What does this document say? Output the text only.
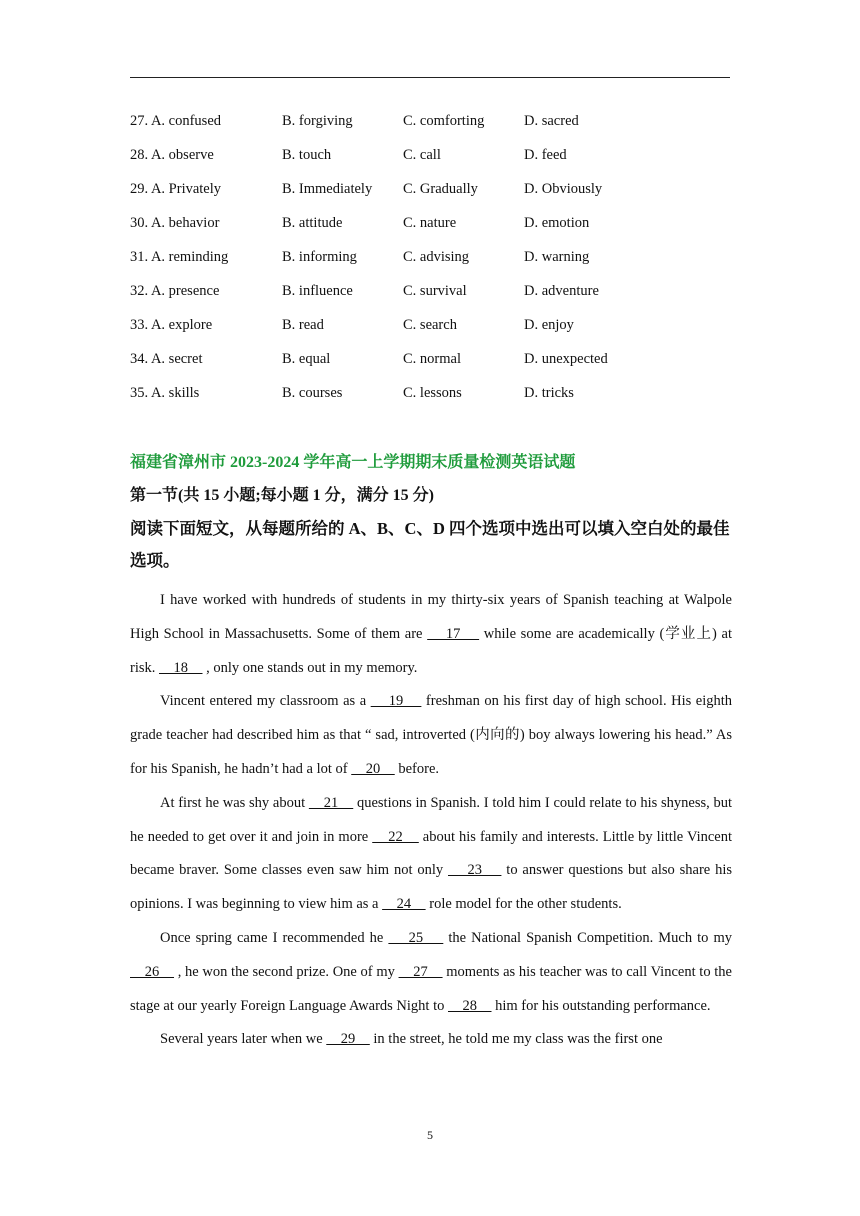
27. A. confused	B. forgiving	C. comforting	D. sacred
28. A. observe	B. touch	C. call	D. feed
29. A. Privately	B. Immediately C. Gradually	D. Obviously
30. A. behavior	B. attitude	C. nature	D. emotion
31. A. reminding	B. informing	C. advising	D. warning
32. A. presence	B. influence	C. survival	D. adventure
33. A. explore	B. read	C. search	D. enjoy
34. A. secret	B. equal	C. normal	D. unexpected
35. A. skills	B. courses	C. lessons	D. tricks
福建省漳州市 2023-2024 学年高一上学期期末质量检测英语试题
第一节(共 15 小题;每小题 1 分，满分 15 分)
阅读下面短文，从每题所给的 A、B、C、D 四个选项中选出可以填入空白处的最佳选项。

I have worked with hundreds of students in my thirty-six years of Spanish teaching at Walpole High School in Massachusetts. Some of them are     17     while some are academically (学业上) at risk.     18     , only one stands out in my memory.

Vincent entered my classroom as a     19     freshman on his first day of high school. His eighth grade teacher had described him as that “ sad, introverted (内向的) boy always lowering his head.” As for his Spanish, he hadn’t had a lot of     20     before.

At first he was shy about     21     questions in Spanish. I told him I could relate to his shyness, but he needed to get over it and join in more     22     about his family and interests. Little by little Vincent became braver. Some classes even saw him not only     23     to answer questions but also share his opinions. I was beginning to view him as a     24     role model for the other students.

Once spring came I recommended he     25     the National Spanish Competition. Much to my     26     , he won the second prize. One of my     27     moments as his teacher was to call Vincent to the stage at our yearly Foreign Language Awards Night to     28     him for his outstanding performance.

Several years later when we     29     in the street, he told me my class was the first one

5
